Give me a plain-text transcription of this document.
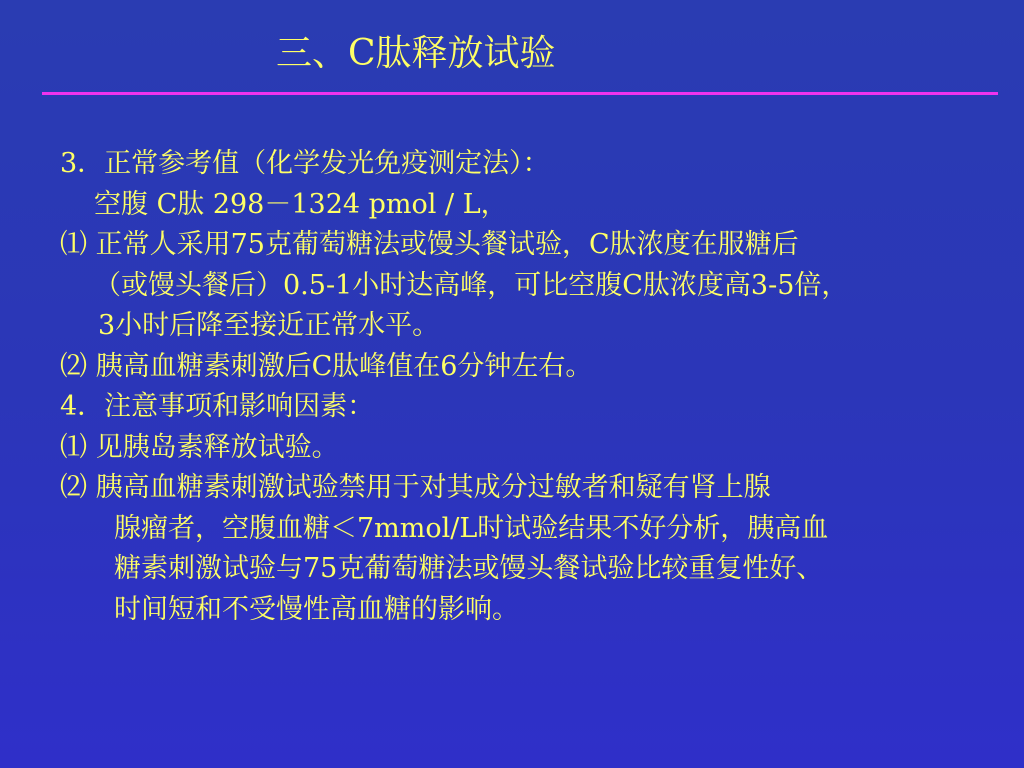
三、C肽释放试验
3．正常参考值（化学发光免疫测定法）：
空腹 C肽 298－1324 pmol / L，
⑴ 正常人采用75克葡萄糖法或馒头餐试验，C肽浓度在服糖后
（或馒头餐后）0.5-1小时达高峰，可比空腹C肽浓度高3-5倍，
3小时后降至接近正常水平。
⑵ 胰高血糖素刺激后C肽峰值在6分钟左右。
4．注意事项和影响因素：
⑴ 见胰岛素释放试验。
⑵ 胰高血糖素刺激试验禁用于对其成分过敏者和疑有肾上腺
腺瘤者，空腹血糖＜7mmol/L时试验结果不好分析，胰高血
糖素刺激试验与75克葡萄糖法或馒头餐试验比较重复性好、
时间短和不受慢性高血糖的影响。
